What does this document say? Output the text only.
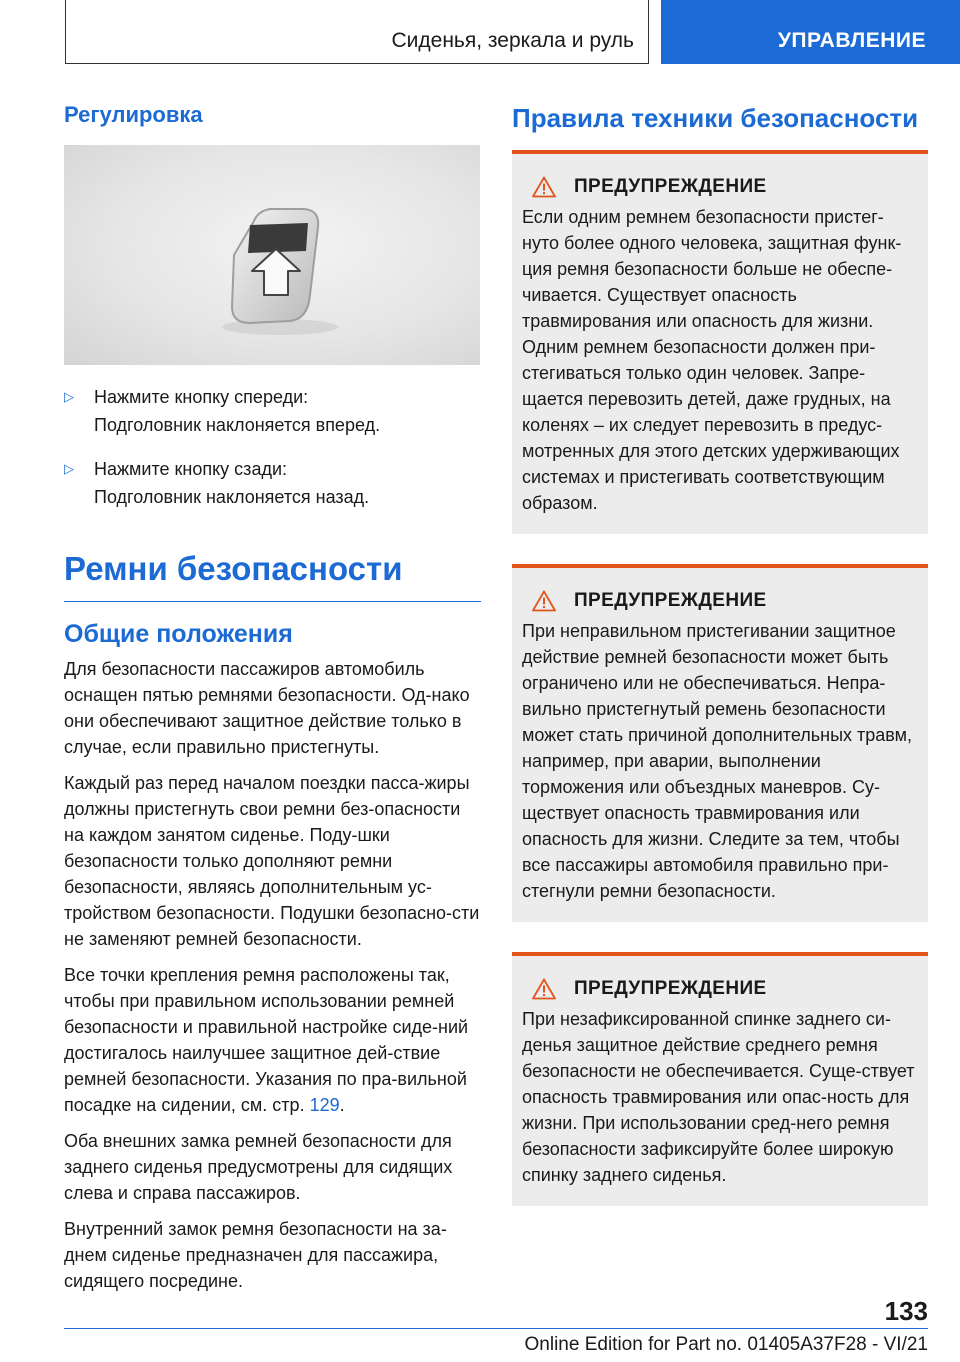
Сиденья, зеркала и руль	УПРАВЛЕНИЕ
Регулировка
▷	Нажмите кнопку спереди:
Подголовник наклоняется вперед.
▷	Нажмите кнопку сзади:
Подголовник наклоняется назад.
Ремни безопасности
Общие положения

Для безопасности пассажиров автомобиль оснащен пятью ремнями безопасности. Од‐нако они обеспечивают защитное действие только в случае, если правильно пристегнуты.

Каждый раз перед началом поездки пасса‐жиры должны пристегнуть свои ремни без‐опасности на каждом занятом сиденье. Поду‐шки безопасности только дополняют ремни безопасности, являясь дополнительным ус‐тройством безопасности. Подушки безопасно‐сти не заменяют ремней безопасности.

Все точки крепления ремня расположены так, чтобы при правильном использовании ремней безопасности и правильной настройке сиде‐ний достигалось наилучшее защитное дей‐ствие ремней безопасности. Указания по пра‐вильной посадке на сидении, см. стр. 129.

Оба внешних замка ремней безопасности для заднего сиденья предусмотрены для сидящих слева и справа пассажиров.

Внутренний замок ремня безопасности на за‐днем сиденье предназначен для пассажира, сидящего посредине.

Правила техники безопасности
ПРЕДУПРЕЖДЕНИЕ

Если одним ремнем безопасности пристег‐нуто более одного человека, защитная функ‐ция ремня безопасности больше не обеспе‐чивается. Существует опасность травмирования или опасность для жизни. Одним ремнем безопасности должен при‐стегиваться только один человек. Запре‐щается перевозить детей, даже грудных, на коленях – их следует перевозить в предус‐мотренных для этого детских удерживающих системах и пристегивать соответствующим образом.

ПРЕДУПРЕЖДЕНИЕ

При неправильном пристегивании защитное действие ремней безопасности может быть ограничено или не обеспечиваться. Непра‐вильно пристегнутый ремень безопасности может стать причиной дополнительных травм, например, при аварии, выполнении торможения или объездных маневров. Су‐ществует опасность травмирования или опасность для жизни. Следите за тем, чтобы все пассажиры автомобиля правильно при‐стегнули ремни безопасности.

ПРЕДУПРЕЖДЕНИЕ

При незафиксированной спинке заднего си‐денья защитное действие среднего ремня безопасности не обеспечивается. Суще‐ствует опасность травмирования или опас‐ность для жизни. При использовании сред‐него ремня безопасности зафиксируйте более широкую спинку заднего сиденья.

133
Online Edition for Part no. 01405A37F28 - VI/21
